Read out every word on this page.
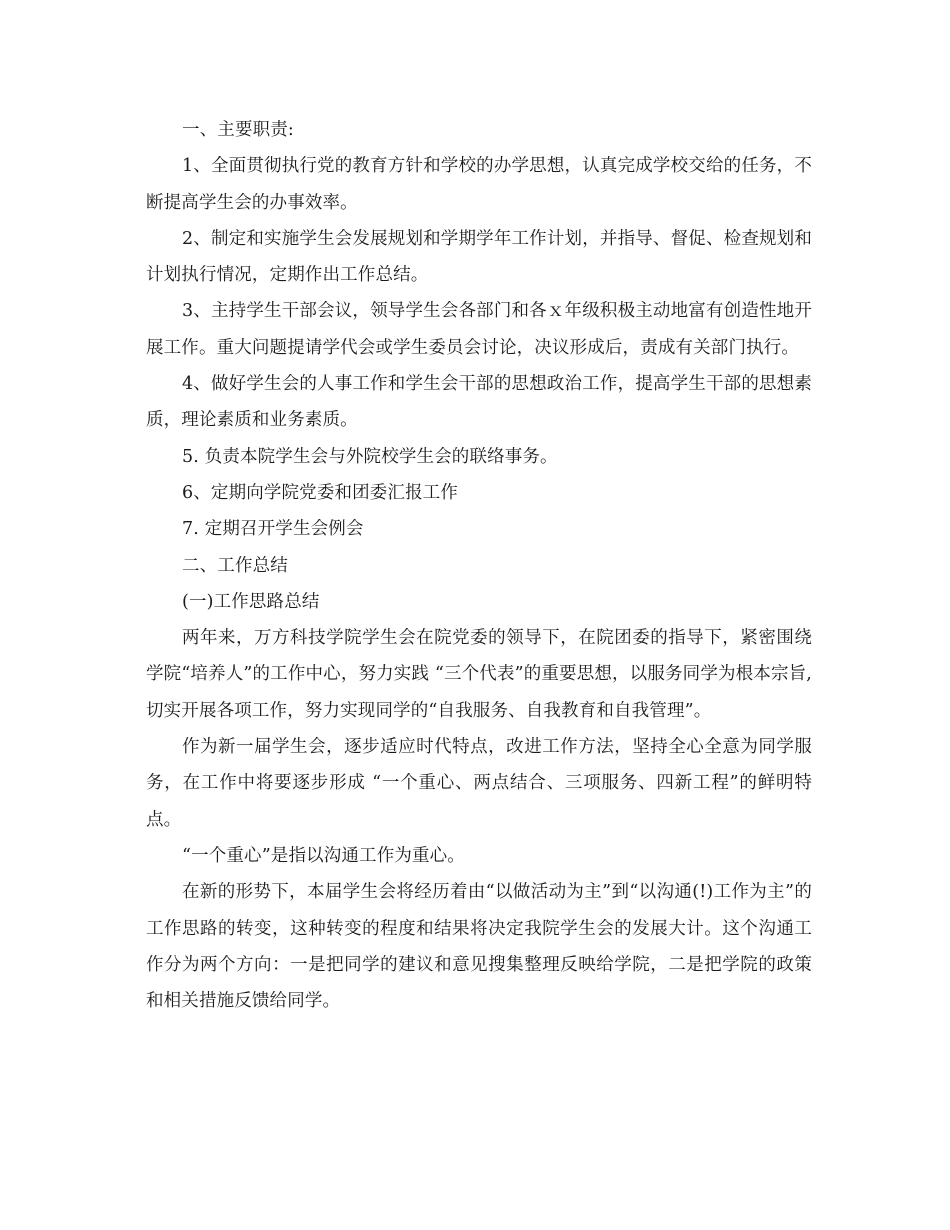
一、主要职责:

1、全面贯彻执行党的教育方针和学校的办学思想，认真完成学校交给的任务，不断提高学生会的办事效率。

2、制定和实施学生会发展规划和学期学年工作计划，并指导、督促、检查规划和计划执行情况，定期作出工作总结。

3、主持学生干部会议，领导学生会各部门和各ｘ年级积极主动地富有创造性地开展工作。重大问题提请学代会或学生委员会讨论，决议形成后，责成有关部门执行。

4、做好学生会的人事工作和学生会干部的思想政治工作，提高学生干部的思想素质，理论素质和业务素质。

5. 负责本院学生会与外院校学生会的联络事务。

6、定期向学院党委和团委汇报工作

7. 定期召开学生会例会

二、工作总结

(一)工作思路总结

两年来，万方科技学院学生会在院党委的领导下，在院团委的指导下，紧密围绕学院“培养人”的工作中心，努力实践 “三个代表”的重要思想，以服务同学为根本宗旨,切实开展各项工作，努力实现同学的“自我服务、自我教育和自我管理”。

作为新一届学生会，逐步适应时代特点，改进工作方法，坚持全心全意为同学服务，在工作中将要逐步形成 “一个重心、两点结合、三项服务、四新工程”的鲜明特点。

“一个重心”是指以沟通工作为重心。

在新的形势下，本届学生会将经历着由“以做活动为主”到“以沟通(!)工作为主”的工作思路的转变，这种转变的程度和结果将决定我院学生会的发展大计。这个沟通工作分为两个方向：一是把同学的建议和意见搜集整理反映给学院，二是把学院的政策和相关措施反馈给同学。
